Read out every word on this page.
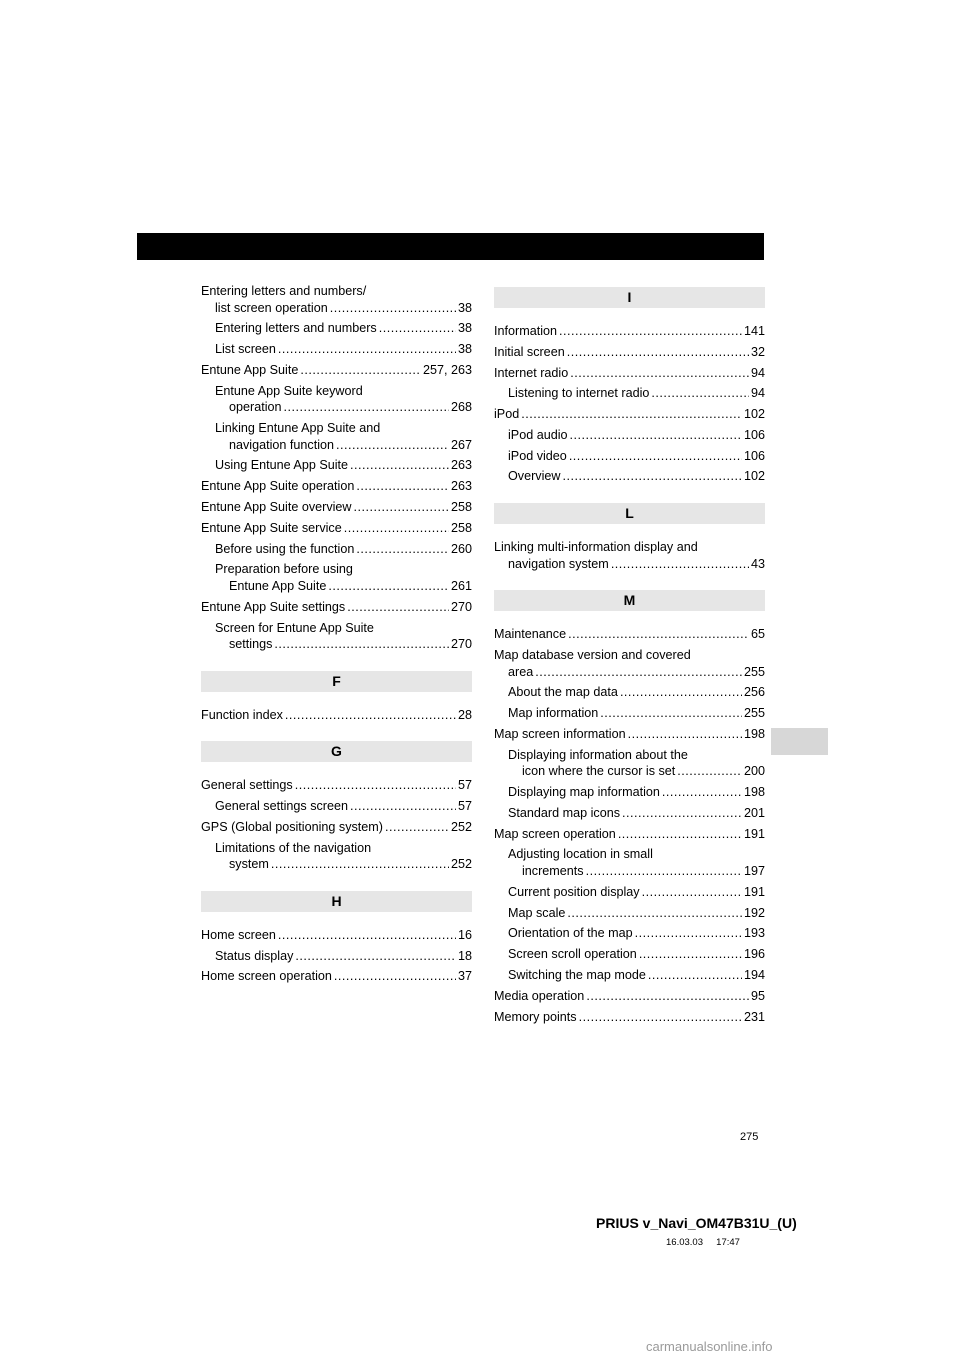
Entering letters and numbers/
list screen operation .....	38
Entering letters and numbers .....	38
List screen .....	38
Entune App Suite .....	257, 263
Entune App Suite keyword
operation .....	268
Linking Entune App Suite and
navigation function .....	267
Using Entune App Suite .....	263
Entune App Suite operation .....	263
Entune App Suite overview .....	258
Entune App Suite service .....	258
Before using the function .....	260
Preparation before using
Entune App Suite .....	261
Entune App Suite settings .....	270
Screen for Entune App Suite
settings .....	270
F
Function index .....	28
G
General settings .....	57
General settings screen .....	57
GPS (Global positioning system) .....	252
Limitations of the navigation
system .....	252
H
Home screen .....	16
Status display .....	18
Home screen operation .....	37
I
Information .....	141
Initial screen .....	32
Internet radio .....	94
Listening to internet radio .....	94
iPod .....	102
iPod audio .....	106
iPod video .....	106
Overview .....	102
L
Linking multi-information display and
navigation system .....	43
M
Maintenance .....	65
Map database version and covered
area .....	255
About the map data .....	256
Map information .....	255
Map screen information .....	198
Displaying information about the
icon where the cursor is set .....	200
Displaying map information .....	198
Standard map icons .....	201
Map screen operation .....	191
Adjusting location in small
increments .....	197
Current position display .....	191
Map scale .....	192
Orientation of the map .....	193
Screen scroll operation .....	196
Switching the map mode .....	194
Media operation .....	95
Memory points .....	231
275
PRIUS v_Navi_OM47B31U_(U)
16.03.03     17:47
carmanualsonline.info
